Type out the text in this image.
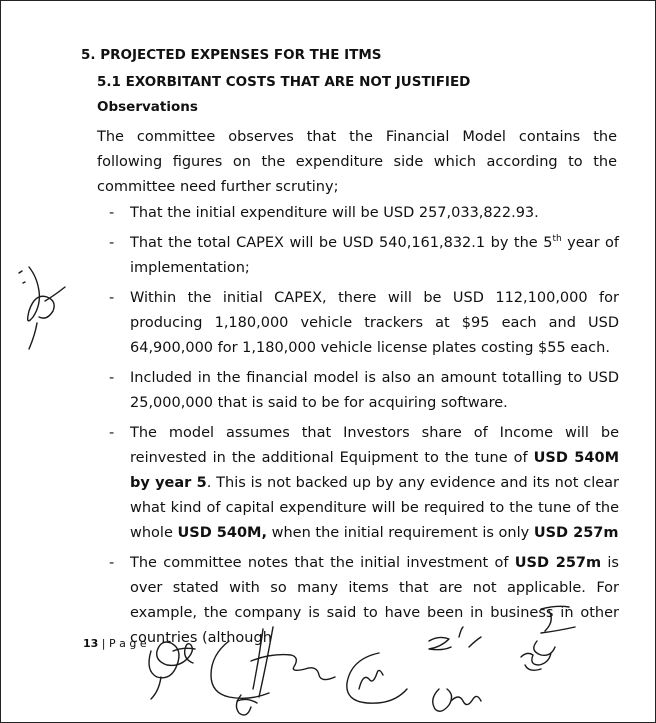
5. PROJECTED EXPENSES FOR THE ITMS
5.1 EXORBITANT COSTS THAT ARE NOT JUSTIFIED
Observations

The committee observes that the Financial Model contains the following figures on the expenditure side which according to the committee need further scrutiny;

- That the initial expenditure will be USD 257,033,822.93.
- That the total CAPEX will be USD 540,161,832.1 by the 5th year of implementation;
- Within the initial CAPEX, there will be USD 112,100,000 for producing 1,180,000 vehicle trackers at $95 each and USD 64,900,000 for 1,180,000 vehicle license plates costing $55 each.
- Included in the financial model is also an amount totalling to USD 25,000,000 that is said to be for acquiring software.
- The model assumes that Investors share of Income will be reinvested in the additional Equipment to the tune of USD 540M by year 5. This is not backed up by any evidence and its not clear what kind of capital expenditure will be required to the tune of the whole USD 540M, when the initial requirement is only USD 257m
- The committee notes that the initial investment of USD 257m is over stated with so many items that are not applicable. For example, the company is said to have been in business in other countries (although
13 | P a g e
